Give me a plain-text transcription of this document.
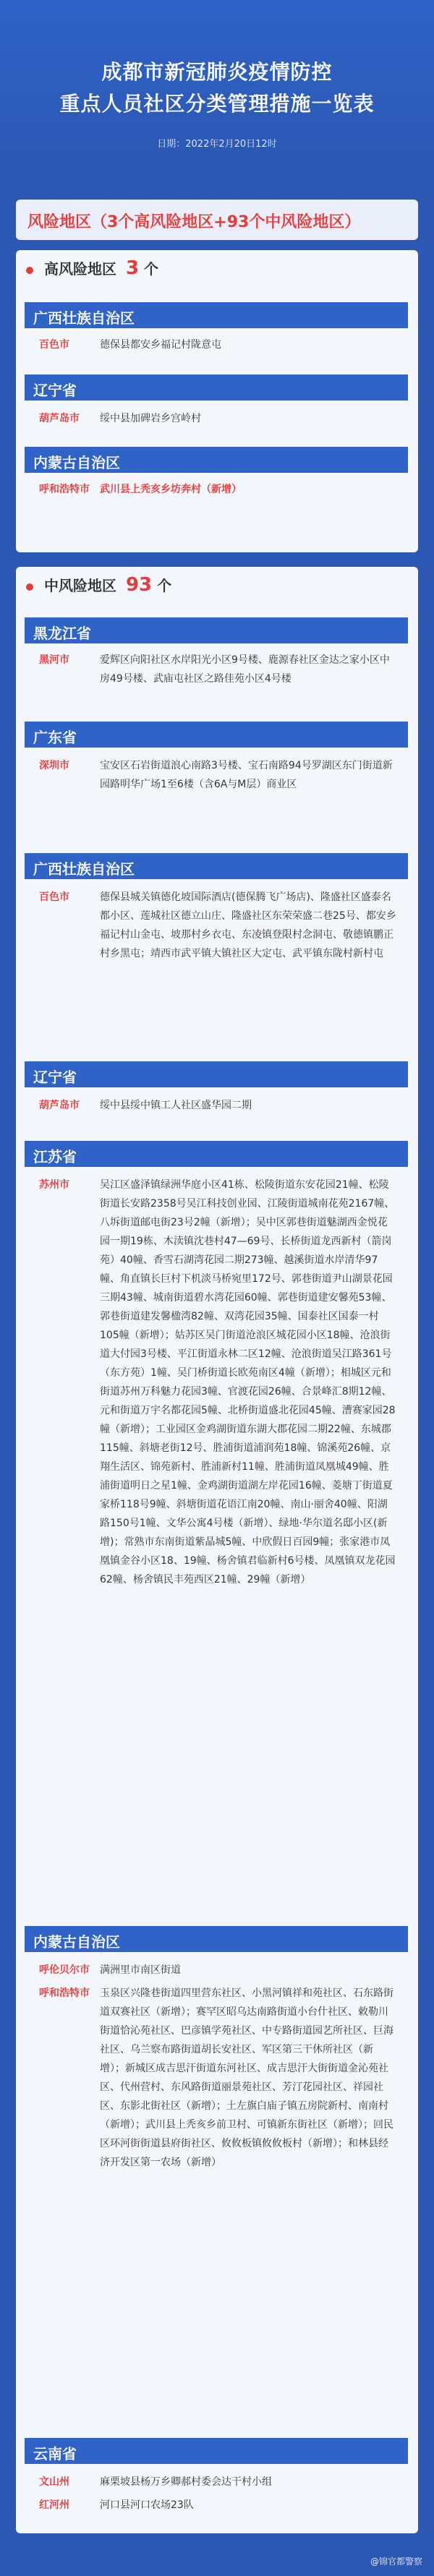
成都市新冠肺炎疫情防控
重点人员社区分类管理措施一览表
日期：2022年2月20日12时
风险地区（3个高风险地区+93个中风险地区）
高风险地区 3 个
广西壮族自治区
百色市	德保县都安乡福记村陇意屯
辽宁省
葫芦岛市 绥中县加碑岩乡宫岭村
内蒙古自治区
呼和浩特市 武川县上秃亥乡坊奔村（新增）
中风险地区 93 个
黑龙江省
黑河市	爱辉区向阳社区水岸阳光小区9号楼、鹿源春社区金达之家小区中房49号楼、武庙屯社区之路佳苑小区4号楼
广东省
深圳市	宝安区石岩街道浪心南路3号楼、宝石南路94号罗湖区东门街道新园路明华广场1至6楼（含6A与M层）商业区
广西壮族自治区
百色市	德保县城关镇德化坡国际酒店(德保腾飞广场店)、隆盛社区盛泰名都小区、莲城社区德立山庄、隆盛社区东荣荣盛二巷25号、都安乡福记村山金屯、坡那村乡衣屯、东凌镇登限村念洞屯、敬德镇鹏正村乡黑屯；靖西市武平镇大镇社区大定屯、武平镇东陇村新村屯
辽宁省
葫芦岛市 绥中县绥中镇工人社区盛华园二期
江苏省
苏州市	吴江区盛泽镇绿洲华庭小区41栋、松陵街道东安花园21幢、松陵街道长安路2358号吴江科技创业园、江陵街道城南花苑2167幢、八坼街道邮电街23号2幢（新增）；吴中区郭巷街道魅湖西金悦花园一期19栋、木渎镇沈巷村47—69号、长桥街道龙西新村（箭岗苑）40幢、香雪石湖湾花园二期273幢、越溪街道水岸清华97幢、角直镇长巨村下机淡马桥宛里172号、郭巷街道尹山湖景花园三期43幢、城南街道碧水湾花园60幢、郭巷街道建安馨苑53幢、郭巷街道建发馨楹湾82幢、双湾花园35幢、国泰社区国泰一村105幢（新增）；姑苏区吴门街道沧浪区城花园小区18幢、沧浪街道大付园3号楼、平江街道永林二区12幢、沧浪街道吴江路361号（东方苑）1幢、吴门桥街道长欧苑南区4幢（新增）；相城区元和街道苏州万科魅力花园3幢、官渡花园26幢、合景峰汇8期12幢、元和街道万宇名都花园5幢、北桥街道盛北花园45幢、漕赛家园28幢（新增）；工业园区金鸡湖街道东湖大郡花园二期22幢、东城郡115幢、斜塘老街12号、胜浦街道浦润苑18幢、锦溪苑26幢、京翔生活区、锦苑新村、胜浦新村11幢、胜浦街道凤凰城49幢、胜浦街道明日之星1幢、金鸡湖街道湖左岸花园16幢、菱塘丁街道夏家桥118号9幢、斜塘街道花语江南20幢、南山·丽舍40幢、阳湖路150号1幢、文华公寓4号楼（新增）、绿地·华尔道名邸小区(新增)；常熟市东南街道紫晶城5幢、中欣假日百园9幢；张家港市凤凰镇金谷小区18、19幢、杨舍镇君临新村6号楼、凤凰镇双龙花园62幢、杨舍镇民丰苑西区21幢、29幢（新增）
内蒙古自治区
呼伦贝尔市 满洲里市南区街道
呼和浩特市 玉泉区兴隆巷街道四里营东社区、小黑河镇祥和苑社区、石东路街道双赛社区（新增）；赛罕区昭乌达南路街道小台什社区、敕勒川街道恰沁苑社区、巴彦镇学苑社区、中专路街道园艺所社区、巨海社区、乌兰察布路街道胡长安社区、军区第三干休所社区（新增）；新城区成吉思汗街道东河社区、成吉思汗大街街道金沁苑社区、代州营村、东风路街道丽景苑社区、芳汀花园社区、祥园社区、东影北街社区（新增）；土左旗白庙子镇五房院新村、南南村（新增）；武川县上秃亥乡前卫村、可镇新东街社区（新增）；回民区环河街街道县府街社区、攸攸板镇攸攸板村（新增）；和林县经济开发区第一农场（新增）
云南省
文山州	麻栗坡县杨万乡卿郝村委会达干村小组
红河州	河口县河口农场23队
@锦官都警察
